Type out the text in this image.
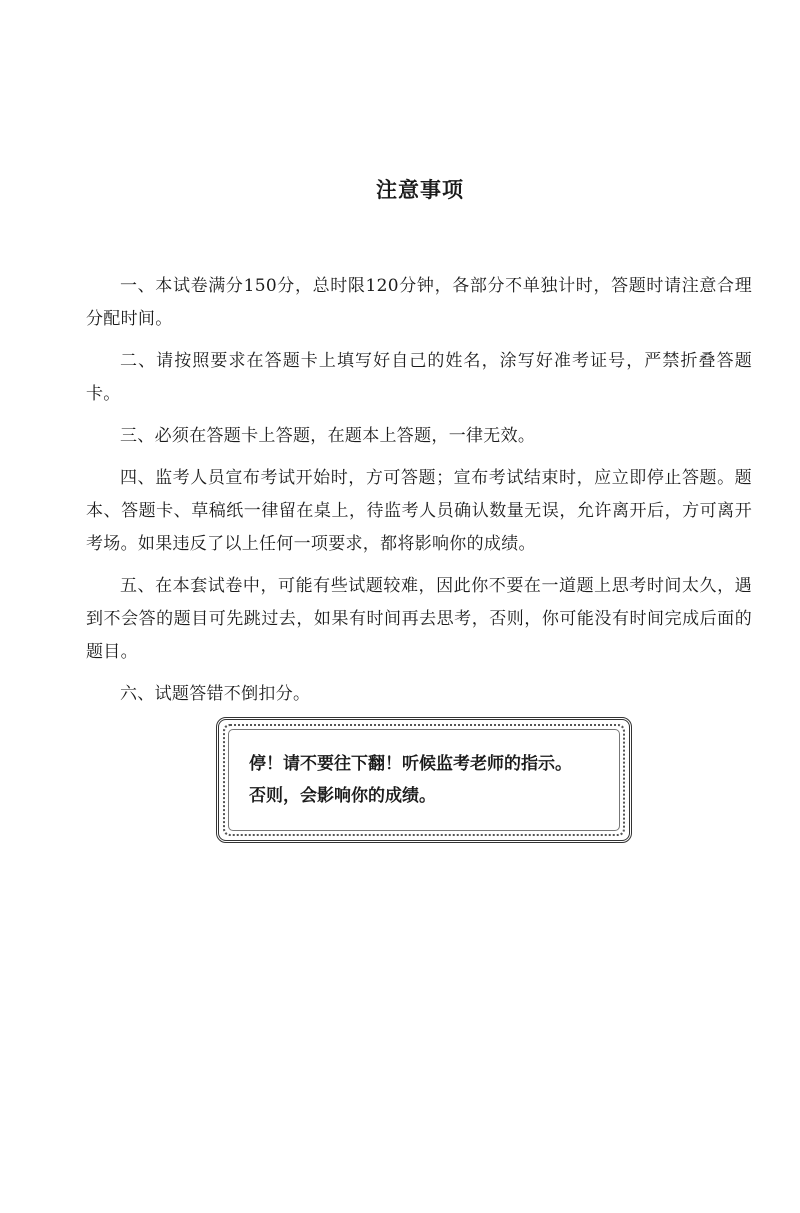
注意事项

一、本试卷满分150分，总时限120分钟，各部分不单独计时，答题时请注意合理分配时间。

二、请按照要求在答题卡上填写好自己的姓名，涂写好准考证号，严禁折叠答题卡。

三、必须在答题卡上答题，在题本上答题，一律无效。

四、监考人员宣布考试开始时，方可答题；宣布考试结束时，应立即停止答题。题本、答题卡、草稿纸一律留在桌上，待监考人员确认数量无误，允许离开后，方可离开考场。如果违反了以上任何一项要求，都将影响你的成绩。

五、在本套试卷中，可能有些试题较难，因此你不要在一道题上思考时间太久，遇到不会答的题目可先跳过去，如果有时间再去思考，否则，你可能没有时间完成后面的题目。

六、试题答错不倒扣分。

停！请不要往下翻！听候监考老师的指示。
否则，会影响你的成绩。
